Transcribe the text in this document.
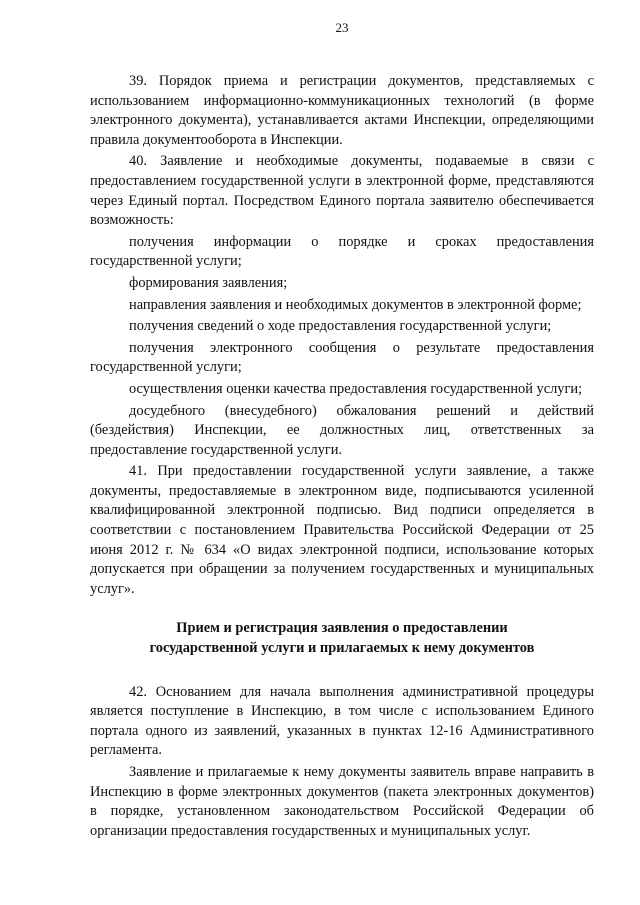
23

39. Порядок приема и регистрации документов, представляемых с использованием информационно-коммуникационных технологий (в форме электронного документа), устанавливается актами Инспекции, определяющими правила документооборота в Инспекции.

40. Заявление и необходимые документы, подаваемые в связи с предоставлением государственной услуги в электронной форме, представляются через Единый портал. Посредством Единого портала заявителю обеспечивается возможность:

получения информации о порядке и сроках предоставления государственной услуги;

формирования заявления;

направления заявления и необходимых документов в электронной форме;

получения сведений о ходе предоставления государственной услуги;

получения электронного сообщения о результате предоставления государственной услуги;

осуществления оценки качества предоставления государственной услуги;

досудебного (внесудебного) обжалования решений и действий (бездействия) Инспекции, ее должностных лиц, ответственных за предоставление государственной услуги.

41. При предоставлении государственной услуги заявление, а также документы, предоставляемые в электронном виде, подписываются усиленной квалифицированной электронной подписью. Вид подписи определяется в соответствии с постановлением Правительства Российской Федерации от 25 июня 2012 г. № 634 «О видах электронной подписи, использование которых допускается при обращении за получением государственных и муниципальных услуг».

Прием и регистрация заявления о предоставлении
государственной услуги и прилагаемых к нему документов

42. Основанием для начала выполнения административной процедуры является поступление в Инспекцию, в том числе с использованием Единого портала одного из заявлений, указанных в пунктах 12-16 Административного регламента.

Заявление и прилагаемые к нему документы заявитель вправе направить в Инспекцию в форме электронных документов (пакета электронных документов) в порядке, установленном законодательством Российской Федерации об организации предоставления государственных и муниципальных услуг.
